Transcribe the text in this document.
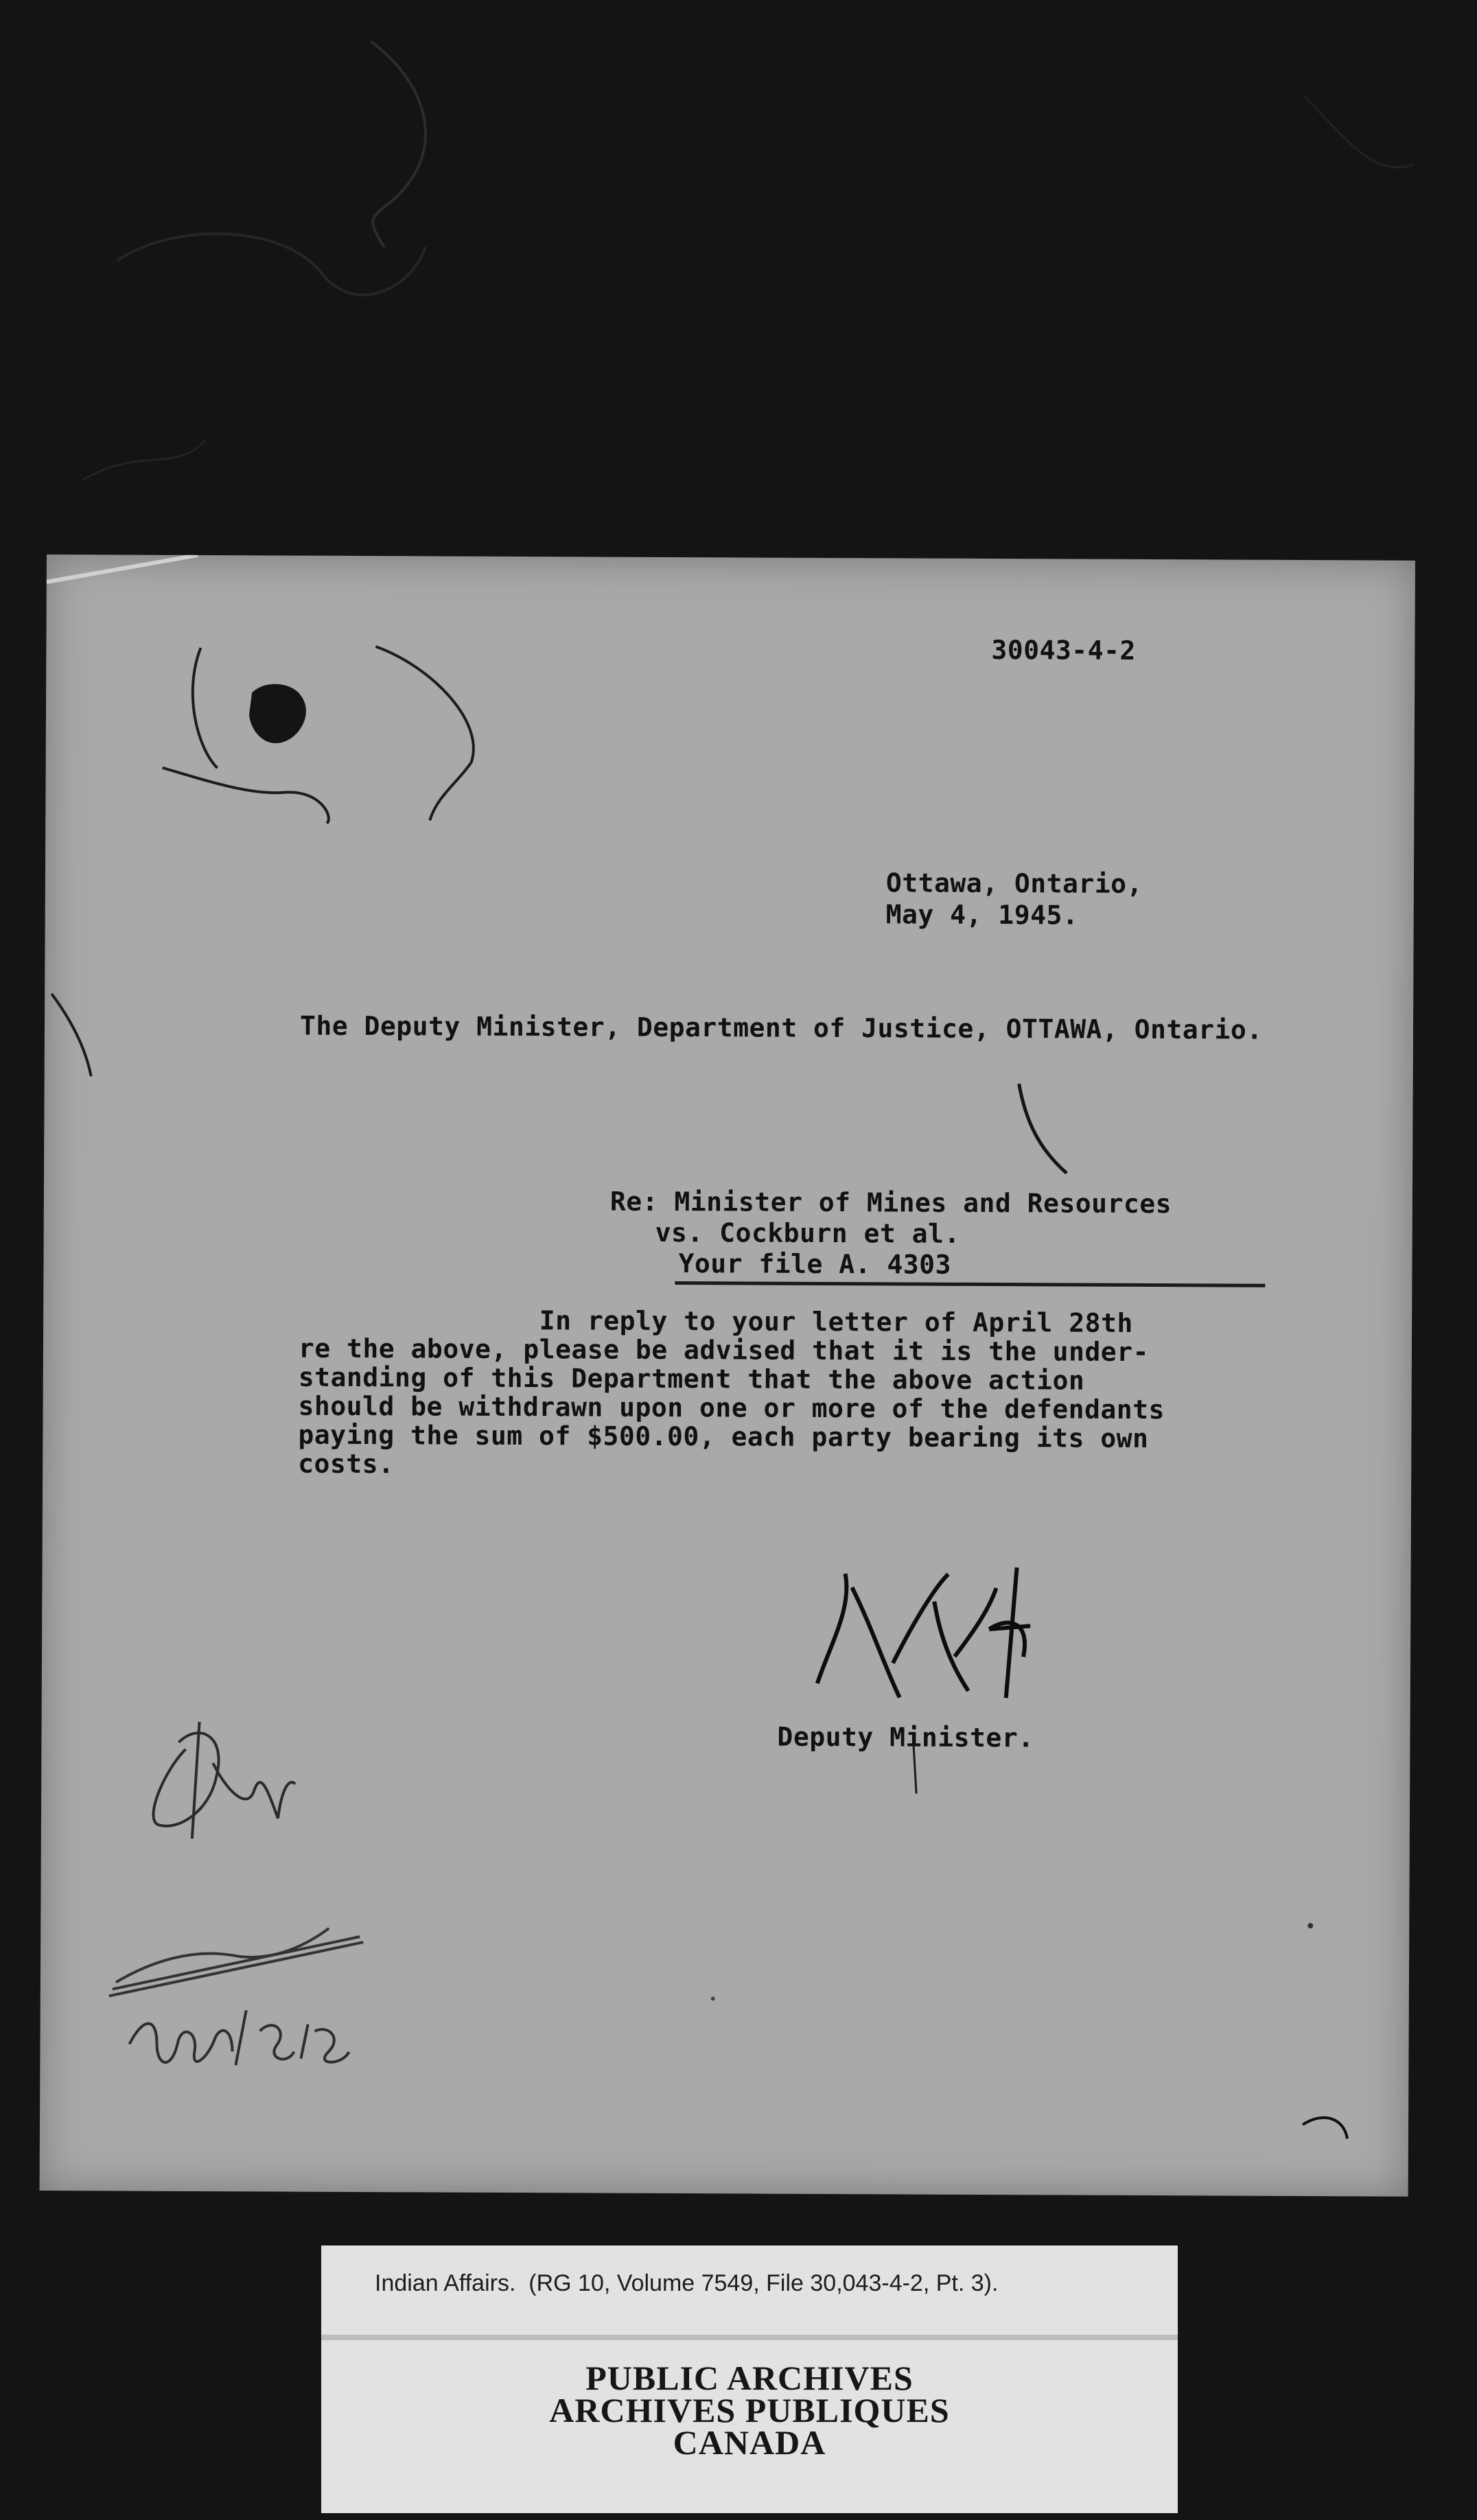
30043-4-2
Ottawa, Ontario,
May 4, 1945.
The Deputy Minister, Department of Justice, OTTAWA, Ontario.
Re: Minister of Mines and Resources
vs. Cockburn et al.
Your file A. 4303
In reply to your letter of April 28th
re the above, please be advised that it is the under-
standing of this Department that the above action
should be withdrawn upon one or more of the defendants
paying the sum of $500.00, each party bearing its own
costs.
Deputy Minister.
Indian Affairs.  (RG 10, Volume 7549, File 30,043-4-2, Pt. 3).
PUBLIC ARCHIVES
ARCHIVES PUBLIQUES
CANADA
